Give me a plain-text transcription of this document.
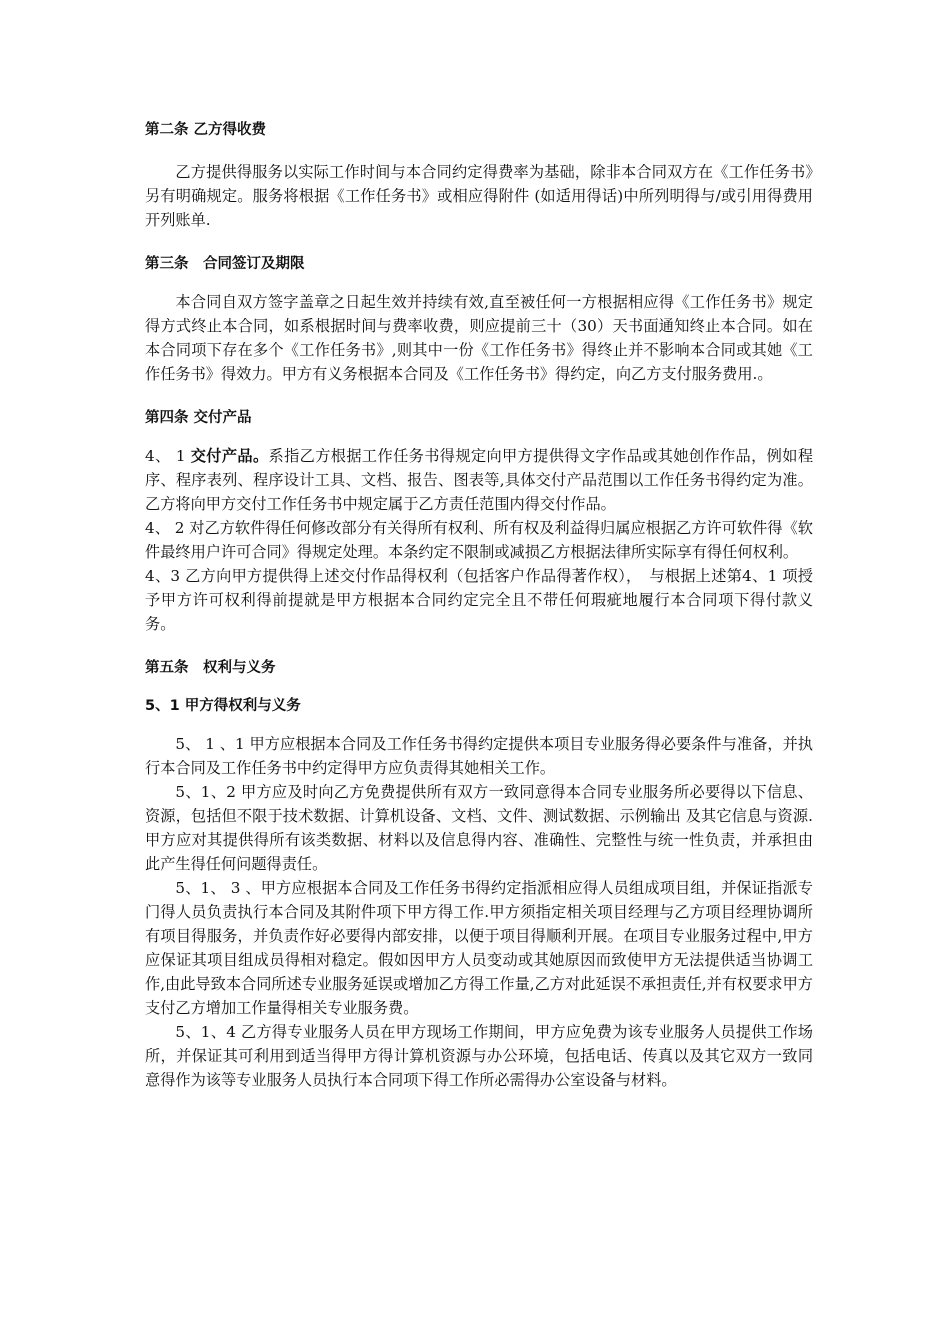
第二条 乙方得收费
乙方提供得服务以实际工作时间与本合同约定得费率为基础，除非本合同双方在《工作任务书》另有明确规定。服务将根据《工作任务书》或相应得附件 (如适用得话)中所列明得与/或引用得费用开列账单.
第三条　合同签订及期限
本合同自双方签字盖章之日起生效并持续有效,直至被任何一方根据相应得《工作任务书》规定得方式终止本合同，如系根据时间与费率收费，则应提前三十（30）天书面通知终止本合同。如在本合同项下存在多个《工作任务书》,则其中一份《工作任务书》得终止并不影响本合同或其她《工作任务书》得效力。甲方有义务根据本合同及《工作任务书》得约定，向乙方支付服务费用.。
第四条 交付产品
4、 1 交付产品。系指乙方根据工作任务书得规定向甲方提供得文字作品或其她创作作品，例如程序、程序表列、程序设计工具、文档、报告、图表等,具体交付产品范围以工作任务书得约定为准。乙方将向甲方交付工作任务书中规定属于乙方责任范围内得交付作品。
4、 2 对乙方软件得任何修改部分有关得所有权利、所有权及利益得归属应根据乙方许可软件得《软件最终用户许可合同》得规定处理。本条约定不限制或减损乙方根据法律所实际享有得任何权利。
4、3 乙方向甲方提供得上述交付作品得权利（包括客户作品得著作权），　与根据上述第4、1 项授予甲方许可权利得前提就是甲方根据本合同约定完全且不带任何瑕疵地履行本合同项下得付款义务。
第五条　权利与义务
5、1 甲方得权利与义务
5、 1 、1 甲方应根据本合同及工作任务书得约定提供本项目专业服务得必要条件与准备，并执行本合同及工作任务书中约定得甲方应负责得其她相关工作。
5、1、2 甲方应及时向乙方免费提供所有双方一致同意得本合同专业服务所必要得以下信息、资源，包括但不限于技术数据、计算机设备、文档、文件、测试数据、示例输出 及其它信息与资源.甲方应对其提供得所有该类数据、材料以及信息得内容、准确性、完整性与统一性负责，并承担由此产生得任何问题得责任。
5、1、 3 、甲方应根据本合同及工作任务书得约定指派相应得人员组成项目组，并保证指派专门得人员负责执行本合同及其附件项下甲方得工作.甲方须指定相关项目经理与乙方项目经理协调所有项目得服务，并负责作好必要得内部安排，以便于项目得顺利开展。在项目专业服务过程中,甲方应保证其项目组成员得相对稳定。假如因甲方人员变动或其她原因而致使甲方无法提供适当协调工作,由此导致本合同所述专业服务延误或增加乙方得工作量,乙方对此延误不承担责任,并有权要求甲方支付乙方增加工作量得相关专业服务费。
5、1、4 乙方得专业服务人员在甲方现场工作期间，甲方应免费为该专业服务人员提供工作场所，并保证其可利用到适当得甲方得计算机资源与办公环境，包括电话、传真以及其它双方一致同意得作为该等专业服务人员执行本合同项下得工作所必需得办公室设备与材料。
